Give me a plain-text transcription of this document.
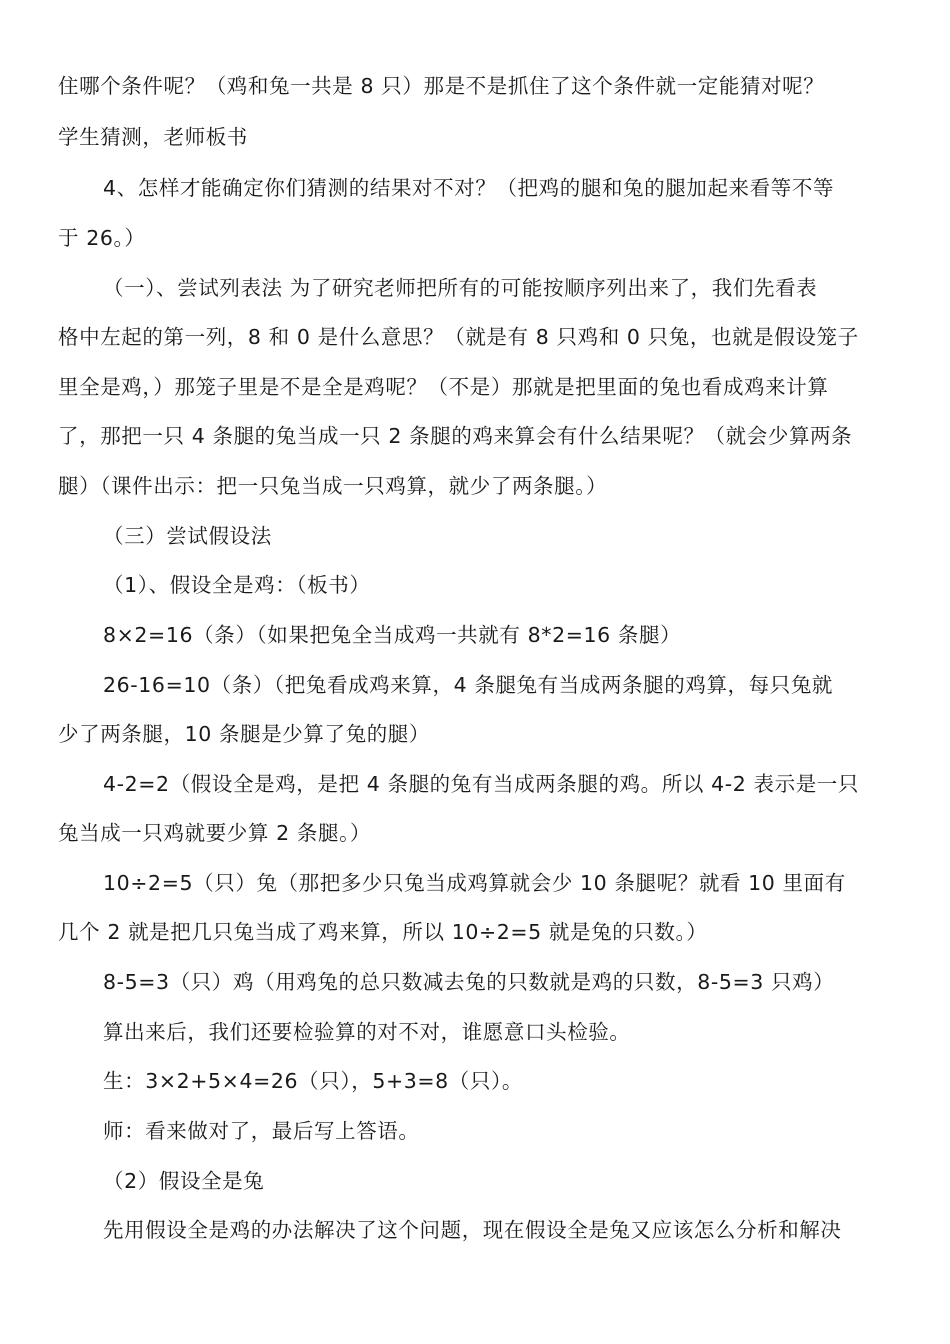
住哪个条件呢？（鸡和兔一共是 8 只）那是不是抓住了这个条件就一定能猜对呢？
学生猜测，老师板书
4、怎样才能确定你们猜测的结果对不对？（把鸡的腿和兔的腿加起来看等不等
于 26。）
（一）、尝试列表法 为了研究老师把所有的可能按顺序列出来了，我们先看表
格中左起的第一列，8 和 0 是什么意思？（就是有 8 只鸡和 0 只兔，也就是假设笼子
里全是鸡，）那笼子里是不是全是鸡呢？（不是）那就是把里面的兔也看成鸡来计算
了，那把一只 4 条腿的兔当成一只 2 条腿的鸡来算会有什么结果呢？（就会少算两条
腿）（课件出示：把一只兔当成一只鸡算，就少了两条腿。）
（三）尝试假设法
（1）、假设全是鸡：（板书）
8×2=16（条）（如果把兔全当成鸡一共就有 8*2=16 条腿）
26-16=10（条）（把兔看成鸡来算，4 条腿兔有当成两条腿的鸡算，每只兔就
少了两条腿，10 条腿是少算了兔的腿）
4-2=2（假设全是鸡，是把 4 条腿的兔有当成两条腿的鸡。所以 4-2 表示是一只
兔当成一只鸡就要少算 2 条腿。）
10÷2=5（只）兔（那把多少只兔当成鸡算就会少 10 条腿呢？就看 10 里面有
几个 2 就是把几只兔当成了鸡来算，所以 10÷2=5 就是兔的只数。）
8-5=3（只）鸡（用鸡兔的总只数减去兔的只数就是鸡的只数，8-5=3 只鸡）
算出来后，我们还要检验算的对不对，谁愿意口头检验。
生：3×2+5×4=26（只），5+3=8（只）。
师：看来做对了，最后写上答语。
（2）假设全是兔
先用假设全是鸡的办法解决了这个问题，现在假设全是兔又应该怎么分析和解决
